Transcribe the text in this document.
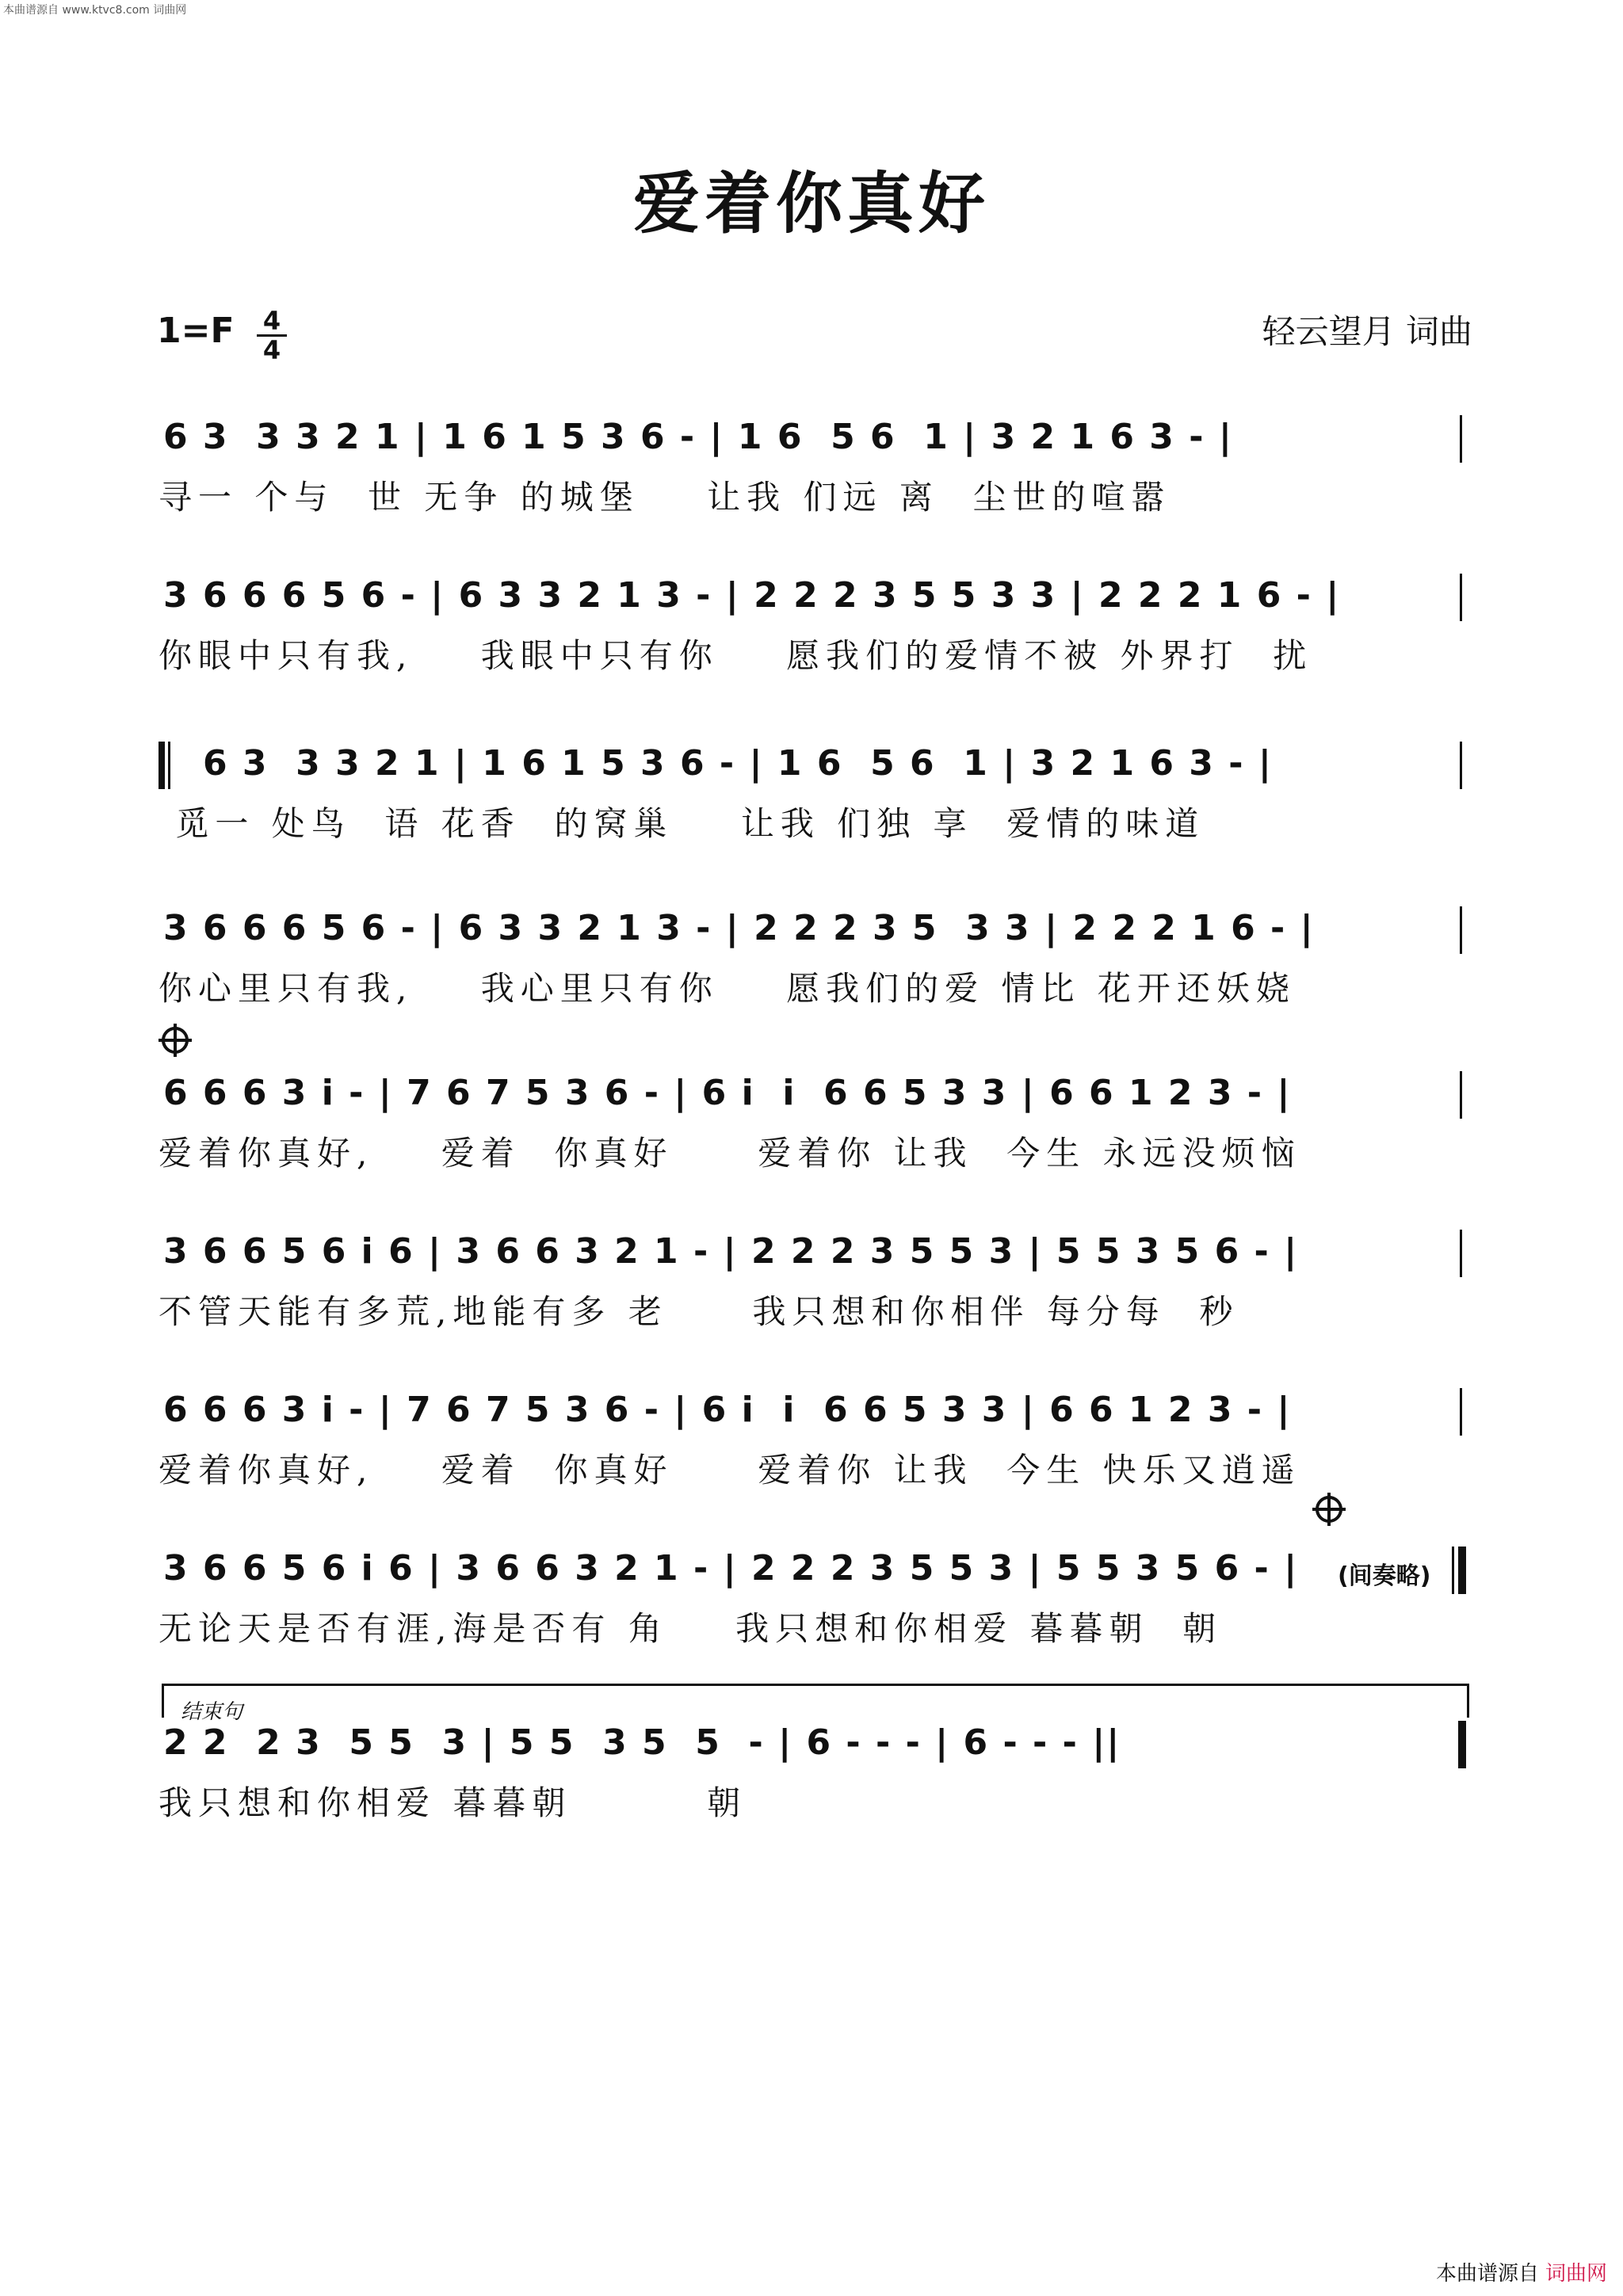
本曲谱源自 www.ktvc8.com 词曲网
爱着你真好
1=F 4
4	轻云望月 词曲
6 3  3 3 2 1 | 1 6 1 5 3 6 - | 1 6  5 6  1 | 3 2 1 6 3 - |
寻一 个与  世 无争 的城堡    让我 们远 离  尘世的喧嚣
3 6 6 6 5 6 - | 6 3 3 2 1 3 - | 2 2 2 3 5 5 3 3 | 2 2 2 1 6 - |
你眼中只有我,    我眼中只有你    愿我们的爱情不被 外界打  扰
6 3  3 3 2 1 | 1 6 1 5 3 6 - | 1 6  5 6  1 | 3 2 1 6 3 - |
觅一 处鸟  语 花香  的窝巢    让我 们独 享  爱情的味道
3 6 6 6 5 6 - | 6 3 3 2 1 3 - | 2 2 2 3 5  3 3 | 2 2 2 1 6 - |
你心里只有我,    我心里只有你    愿我们的爱 情比 花开还妖娆
6 6 6 3 i - | 7 6 7 5 3 6 - | 6 i  i  6 6 5 3 3 | 6 6 1 2 3 - |
爱着你真好,    爱着  你真好     爱着你 让我  今生 永远没烦恼
3 6 6 5 6 i 6 | 3 6 6 3 2 1 - | 2 2 2 3 5 5 3 | 5 5 3 5 6 - |
不管天能有多荒,地能有多 老     我只想和你相伴 每分每  秒
6 6 6 3 i - | 7 6 7 5 3 6 - | 6 i  i  6 6 5 3 3 | 6 6 1 2 3 - |
爱着你真好,    爱着  你真好     爱着你 让我  今生 快乐又逍遥
3 6 6 5 6 i 6 | 3 6 6 3 2 1 - | 2 2 2 3 5 5 3 | 5 5 3 5 6 - |	(间奏略)
无论天是否有涯,海是否有 角    我只想和你相爱 暮暮朝  朝
结束句
2 2  2 3  5 5  3 | 5 5  3 5  5  - | 6 - - - | 6 - - - ||
我只想和你相爱 暮暮朝        朝
本曲谱源自 词曲网
